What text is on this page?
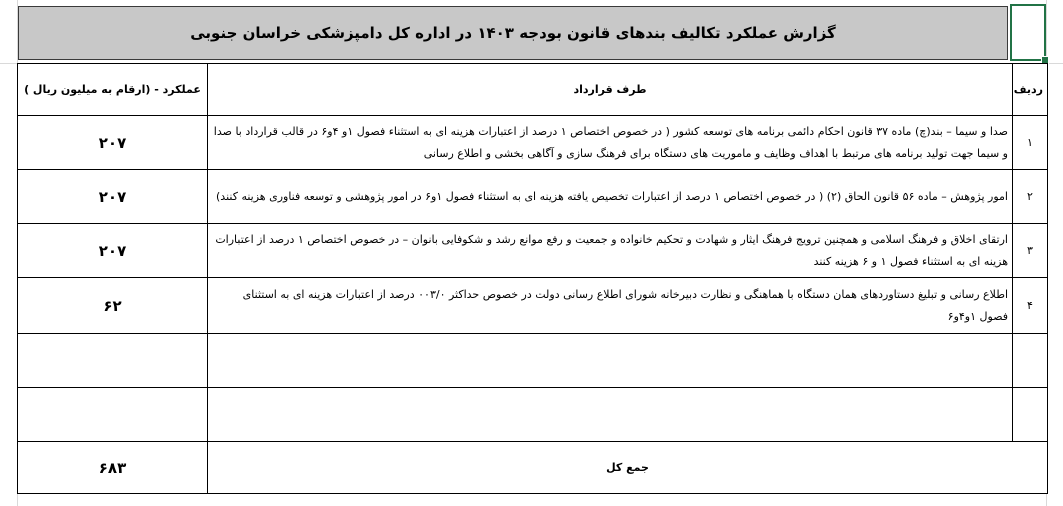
گزارش عملکرد تکالیف بندهای قانون بودجه ۱۴۰۳ در اداره کل دامپزشکی خراسان جنوبی
عملکرد - (ارقام به میلیون ریال )	طرف قرارداد	ردیف
۲۰۷	صدا و سیما – بند(چ) ماده ۳۷ قانون احکام دائمی برنامه های توسعه کشور ( در خصوص اختصاص ۱ درصد از اعتبارات هزینه ای به استثناء فصول ۱و ۴و۶ در قالب قرارداد با صدا و سیما جهت تولید برنامه های مرتبط با اهداف وظایف و ماموریت های دستگاه برای فرهنگ سازی و آگاهی بخشی و اطلاع رسانی	۱
۲۰۷	امور پژوهش – ماده ۵۶ قانون الحاق (۲) ( در خصوص اختصاص ۱ درصد از اعتبارات تخصیص یافته هزینه ای به استثناء فصول ۱و۶ در امور پژوهشی و توسعه فناوری هزینه کنند)	۲
۲۰۷	ارتقای اخلاق و فرهنگ اسلامی و همچنین ترویج فرهنگ ایثار و شهادت و تحکیم خانواده و جمعیت و رفع موانع رشد و شکوفایی بانوان – در خصوص اختصاص ۱ درصد از اعتبارات هزینه ای به استثناء فصول ۱ و ۶ هزینه کنند	۳
۶۲	اطلاع رسانی و تبلیغ دستاوردهای همان دستگاه با هماهنگی و نظارت دبیرخانه شورای اطلاع رسانی دولت در خصوص حداکثر ۰۰۳/۰ درصد از اعتبارات هزینه ای به استثنای فصول ۱و۴و۶	۴

۶۸۳	جمع کل	
